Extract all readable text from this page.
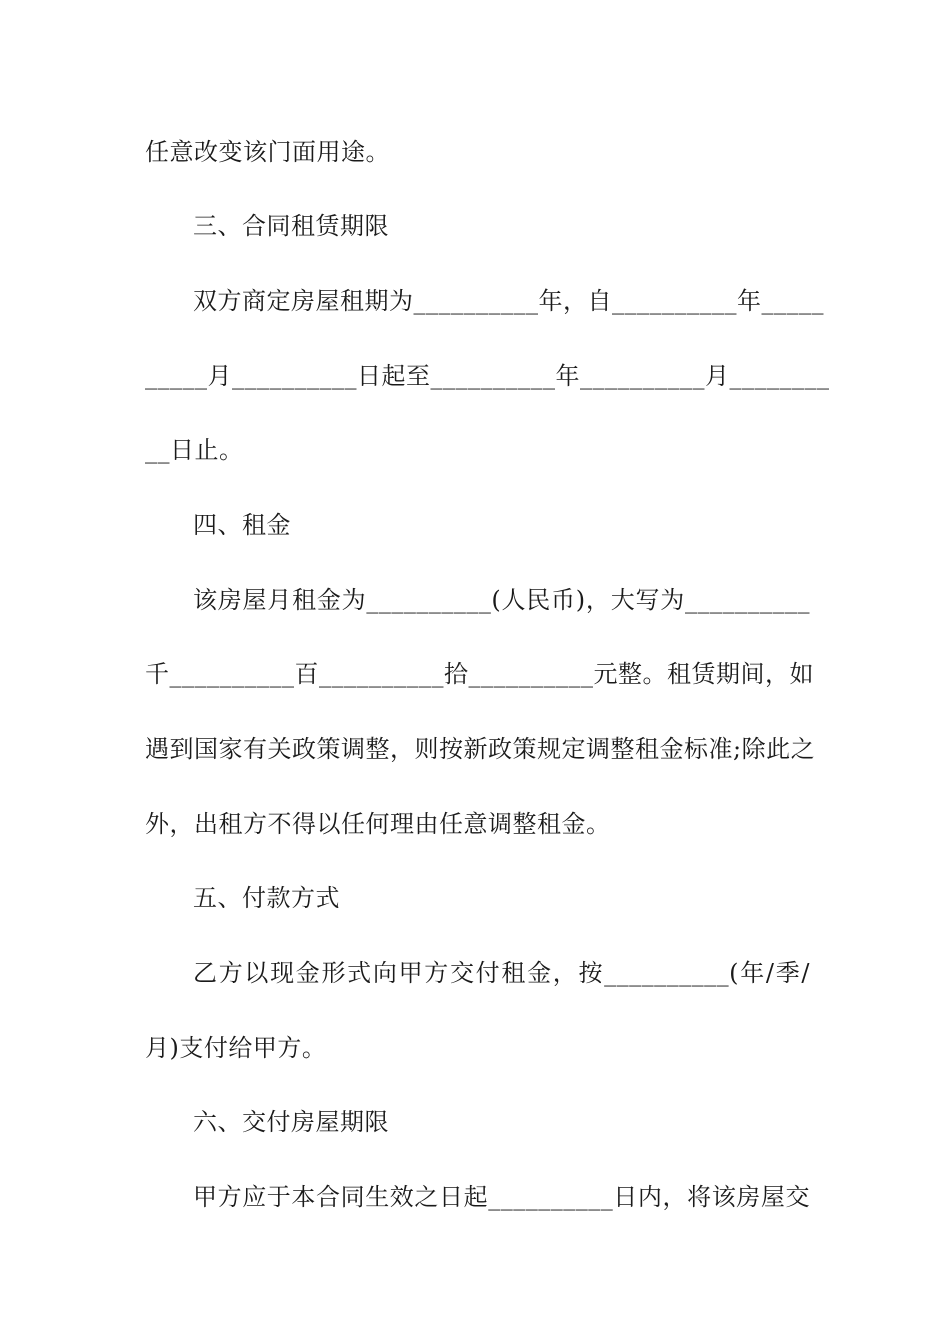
任意改变该门面用途。
三、合同租赁期限
双方商定房屋租期为__________年，自__________年_____
_____月__________日起至__________年__________月________
__日止。
四、租金
该房屋月租金为__________(人民币)，大写为__________
千__________百__________拾__________元整。租赁期间，如
遇到国家有关政策调整，则按新政策规定调整租金标准;除此之
外，出租方不得以任何理由任意调整租金。
五、付款方式
乙方以现金形式向甲方交付租金，按__________(年/季/
月)支付给甲方。
六、交付房屋期限
甲方应于本合同生效之日起__________日内，将该房屋交
